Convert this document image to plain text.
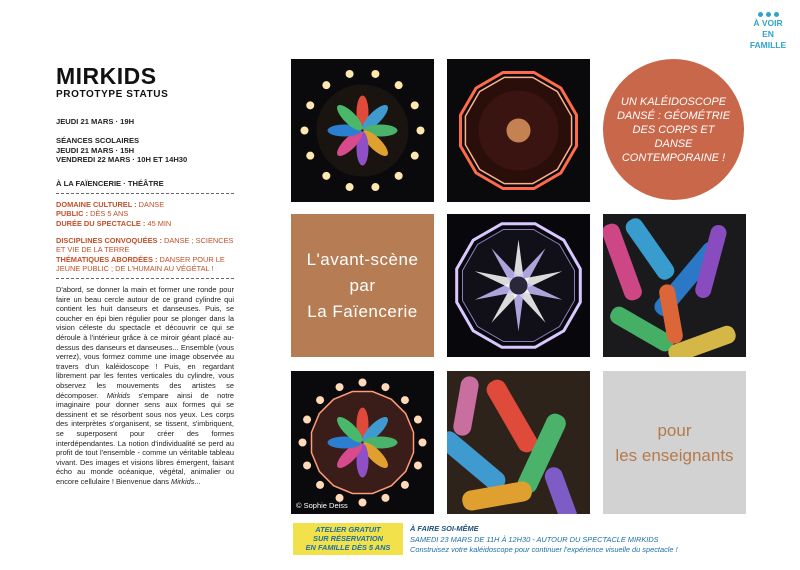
À VOIR
EN
FAMILLE
MIRKIDS
PROTOTYPE STATUS
JEUDI 21 MARS · 19H
SÉANCES SCOLAIRES
JEUDI 21 MARS · 15H
VENDREDI 22 MARS · 10H ET 14H30
À LA FAÏENCERIE · THÉÂTRE
DOMAINE CULTUREL : DANSE
PUBLIC : DÈS 5 ANS
DURÉE DU SPECTACLE : 45 MIN
DISCIPLINES CONVOQUÉES : DANSE ; SCIENCES ET VIE DE LA TERRE
THÉMATIQUES ABORDÉES : DANSER POUR LE JEUNE PUBLIC ; DE L'HUMAIN AU VÉGÉTAL !
D'abord, se donner la main et former une ronde pour faire un beau cercle autour de ce grand cylindre qui contient les huit danseurs et danseuses. Puis, se coucher en épi bien régulier pour se plonger dans la vision céleste du spectacle et découvrir ce qui se déroule à l'intérieur grâce à ce miroir géant placé au-dessus des danseurs et danseuses... Ensemble (vous verrez), vous formez comme une image observée au travers d'un kaléidoscope ! Puis, en regardant librement par les fentes verticales du cylindre, vous observez les mouvements des artistes se décomposer. Mirkids s'empare ainsi de notre imaginaire pour donner sens aux formes qui se dessinent et se résorbent sous nos yeux. Les corps des interprètes s'organisent, se tissent, s'imbriquent, se superposent pour créer des formes interdépendantes. La notion d'individualité se perd au profit de tout l'ensemble - comme un véritable tableau vivant. Des images et visions libres émergent, faisant écho au monde océanique, végétal, animalier ou encore cellulaire ! Bienvenue dans Mirkids...
UN KALÉIDOSCOPE DANSÉ : GÉOMÉTRIE DES CORPS ET DANSE CONTEMPORAINE !
L'avant-scène
par
La Faïencerie
© Sophie Deiss
pour
les enseignants
ATELIER GRATUIT
SUR RÉSERVATION
EN FAMILLE DÈS 5 ANS
À FAIRE SOI-MÊME
SAMEDI 23 MARS DE 11H À 12H30 - AUTOUR DU SPECTACLE MIRKIDS
Construisez votre kaléidoscope pour continuer l'expérience visuelle du spectacle !
